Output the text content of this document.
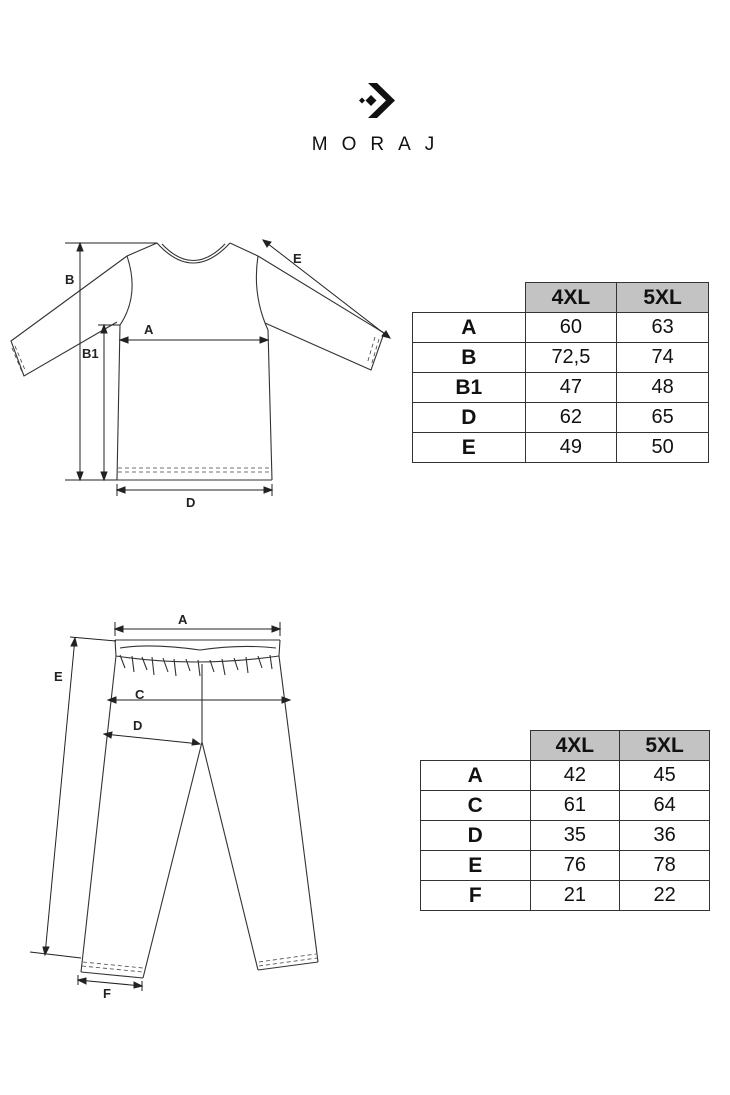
MORAJ
B
B1
A
D
E
	4XL	5XL
A	60	63
B	72,5	74
B1	47	48
D	62	65
E	49	50
A
E
C
D
F
	4XL	5XL
A	42	45
C	61	64
D	35	36
E	76	78
F	21	22
